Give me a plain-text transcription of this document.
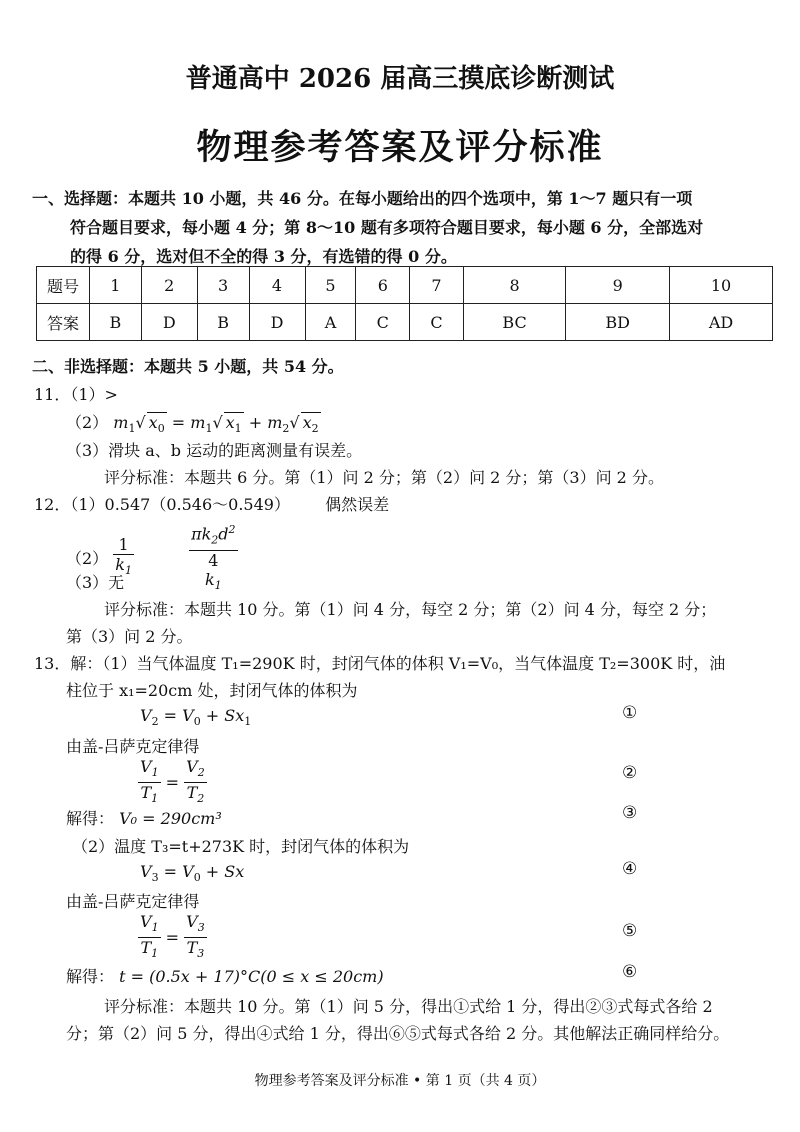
普通高中 2026 届高三摸底诊断测试
物理参考答案及评分标准
一、选择题：本题共 10 小题，共 46 分。在每小题给出的四个选项中，第 1～7 题只有一项
符合题目要求，每小题 4 分；第 8～10 题有多项符合题目要求，每小题 6 分，全部选对
的得 6 分，选对但不全的得 3 分，有选错的得 0 分。
题号	1	2	3	4	5	6	7	8	9	10
答案	B	D	B	D	A	C	C	BC	BD	AD
二、非选择题：本题共 5 小题，共 54 分。
11．（1）>
（2） $m_1√$ $x_0 = m_1√$ $x_1 + m_2√$ $x_2$
（3）滑块 a、b 运动的距离测量有误差。
评分标准：本题共 6 分。第（1）问 2 分；第（2）问 2 分；第（3）问 2 分。
12．（1）0.547（0.546～0.549） 偶然误差
$(2) \frac{1}{k_1}$
	$\pi k_2d^2$
4
$k_1$
（3）无
评分标准：本题共 10 分。第（1）问 4 分，每空 2 分；第（2）问 4 分，每空 2 分；
第（3）问 2 分。
13．解：（1）当气体温度 T₁=290K 时，封闭气体的体积 V₁=V₀，当气体温度 T₂=300K 时，油
柱位于 x₁=20cm 处，封闭气体的体积为
$V_2 = V_0 + Sx_1$	①
由盖-吕萨克定律得
$\frac{V_1}{T_1} = \frac{V_2}{T_2}$	②
解得： V₀ = 290cm³	③
（2）温度 T₃=t+273K 时，封闭气体的体积为
$V_3 = V_0 + Sx$	④
由盖-吕萨克定律得
$\frac{V_1}{T_1} = \frac{V_3}{T_3}$	⑤
解得： t = (0.5x + 17)°C(0 ≤ x ≤ 20cm)	⑥
评分标准：本题共 10 分。第（1）问 5 分，得出①式给 1 分，得出②③式每式各给 2
分；第（2）问 5 分，得出④式给 1 分，得出⑥⑤式每式各给 2 分。其他解法正确同样给分。
物理参考答案及评分标准 • 第 1 页（共 4 页）
